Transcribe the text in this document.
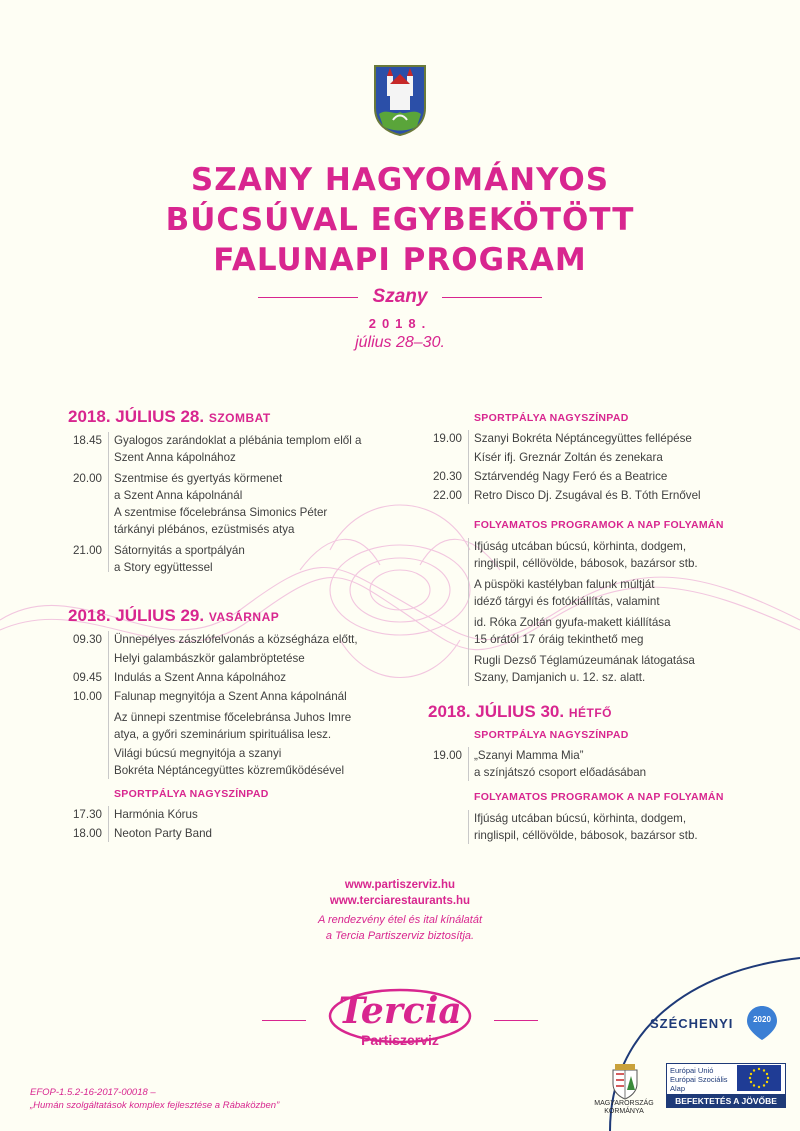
SZANY HAGYOMÁNYOS
BÚCSÚVAL EGYBEKÖTÖTT
FALUNAPI PROGRAM
Szany
2018.
július 28–30.
2018. JÚLIUS 28. SZOMBAT
18.45 Gyalogos zarándoklat a plébánia templom elől a
Szent Anna kápolnához
20.00 Szentmise és gyertyás körmenet
a Szent Anna kápolnánál
A szentmise főcelebránsa Simonics Péter
tárkányi plébános, ezüstmisés atya
21.00 Sátornyitás a sportpályán
a Story együttessel
2018. JÚLIUS 29. VASÁRNAP
09.30 Ünnepélyes zászlófelvonás a községháza előtt,
Helyi galambászkör galambröptetése
09.45 Indulás a Szent Anna kápolnához
10.00 Falunap megnyitója a Szent Anna kápolnánál
Az ünnepi szentmise főcelebránsa Juhos Imre
atya, a győri szeminárium spirituálisa lesz.
Világi búcsú megnyitója a szanyi
Bokréta Néptáncegyüttes közreműködésével
SPORTPÁLYA NAGYSZÍNPAD
17.30 Harmónia Kórus
18.00 Neoton Party Band
SPORTPÁLYA NAGYSZÍNPAD
19.00 Szanyi Bokréta Néptáncegyüttes fellépése
Kísér ifj. Greznár Zoltán és zenekara
20.30 Sztárvendég Nagy Feró és a Beatrice
22.00 Retro Disco Dj. Zsugával és B. Tóth Ernővel
FOLYAMATOS PROGRAMOK A NAP FOLYAMÁN
Ifjúság utcában búcsú, körhinta, dodgem,
ringlispil, céllövölde, bábosok, bazársor stb.
A püspöki kastélyban falunk múltját
idéző tárgyi és fotókiállítás, valamint
id. Róka Zoltán gyufa-makett kiállítása
15 órától 17 óráig tekinthető meg
Rugli Dezső Téglamúzeumának látogatása
Szany, Damjanich u. 12. sz. alatt.
2018. JÚLIUS 30. HÉTFŐ
SPORTPÁLYA NAGYSZÍNPAD
19.00 „Szanyi Mamma Mia”
a színjátszó csoport előadásában
FOLYAMATOS PROGRAMOK A NAP FOLYAMÁN
Ifjúság utcában búcsú, körhinta, dodgem,
ringlispil, céllövölde, bábosok, bazársor stb.
www.partiszerviz.hu
www.terciarestaurants.hu
A rendezvény étel és ital kínálatát
a Tercia Partiszerviz biztosítja.
Tercia
Partiszerviz
EFOP-1.5.2-16-2017-00018 –
„Humán szolgáltatások komplex fejlesztése a Rábaközben”
SZÉCHENYI	2020
MAGYARORSZÁG
KORMÁNYA
Európai Unió
Európai Szociális
Alap
BEFEKTETÉS A JÖVŐBE
